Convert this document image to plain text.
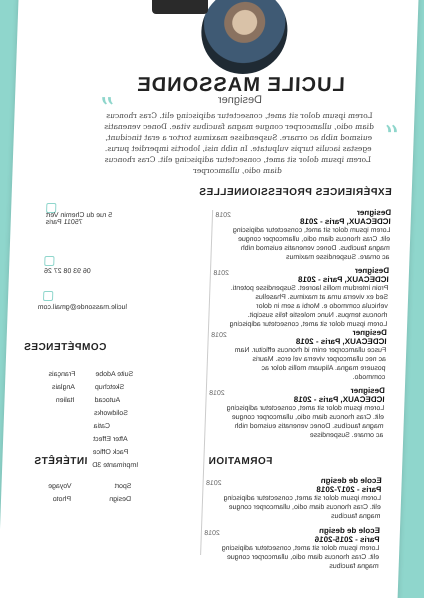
LUCILE MASSONDE
Designer
“
”
Lorem ipsum dolor sit amet, consectetur adipiscing elit. Cras rhoncus diam odio, ullamcorper congue magna faucibus vitae. Donec venenatis euismod nibh ac ornare. Suspendisse maximus tortor a erat tincidunt, egestas iaculis turpis vulputate. In nibh nisi, lobortis imperdiet purus. Lorem ipsum dolor sit amet, consectetur adipiscing elit. Cras rhoncus diam odio, ullamcorper
EXPÉRIENCES PROFESSIONNELLES
2018	Designer
ICDECAUX, Paris - 2018
Lorem ipsum dolor sit amet, consectetur adipiscing elit. Cras rhoncus diam odio, ullamcorper congue magna faucibus. Donec venenatis euismod nibh ac ornare. Suspendisse maximus
2018	Designer
ICDECAUX, Paris - 2018
Proin interdum mollis laoreet. Suspendisse potenti. Sed ex viverra urna at maximus. Phasellus vehicula commodo e. Morbi a sem in dolor rhoncus tempus. Nunc molestie felis suscipit. Lorem ipsum dolor sit amet, consectetur adipiscing
2018	Designer
ICDECAUX, Paris - 2018
Fusce ullamcorper enim id rhoncus efficitur. Nam ac nec ullamcorper viverra vel eros. Mauris posuere magna. Aliquam mollis dolor ac commodo.
2018	Designer
ICDECAUX, Paris - 2018
Lorem ipsum dolor sit amet, consectetur adipiscing elit. Cras rhoncus diam odio, ullamcorper congue magna faucibus. Donec venenatis euismod nibh ac ornare. Suspendisse
FORMATION
2018	Ecole de design
Paris - 2017-2018
Lorem ipsum dolor sit amet, consectetur adipiscing elit. Cras rhoncus diam odio, ullamcorper congue magna faucibus
2018	Ecole de design
Paris - 2015-2016
Lorem ipsum dolor sit amet, consectetur adipiscing elit. Cras rhoncus diam odio, ullamcorper congue magna faucibus
5 rue du Chemin Vert
75011 Paris
06 93 08 27 26
lucile.massonde@gmail.com
COMPÉTENCES
Français
Anglais
Italien
Suite Adobe
Sketchup
Autocad
Solidworks
Catia
After Effect
Pack Office
Imprimante 3D
INTÉRÊTS
Voyage
Photo
Sport
Design
